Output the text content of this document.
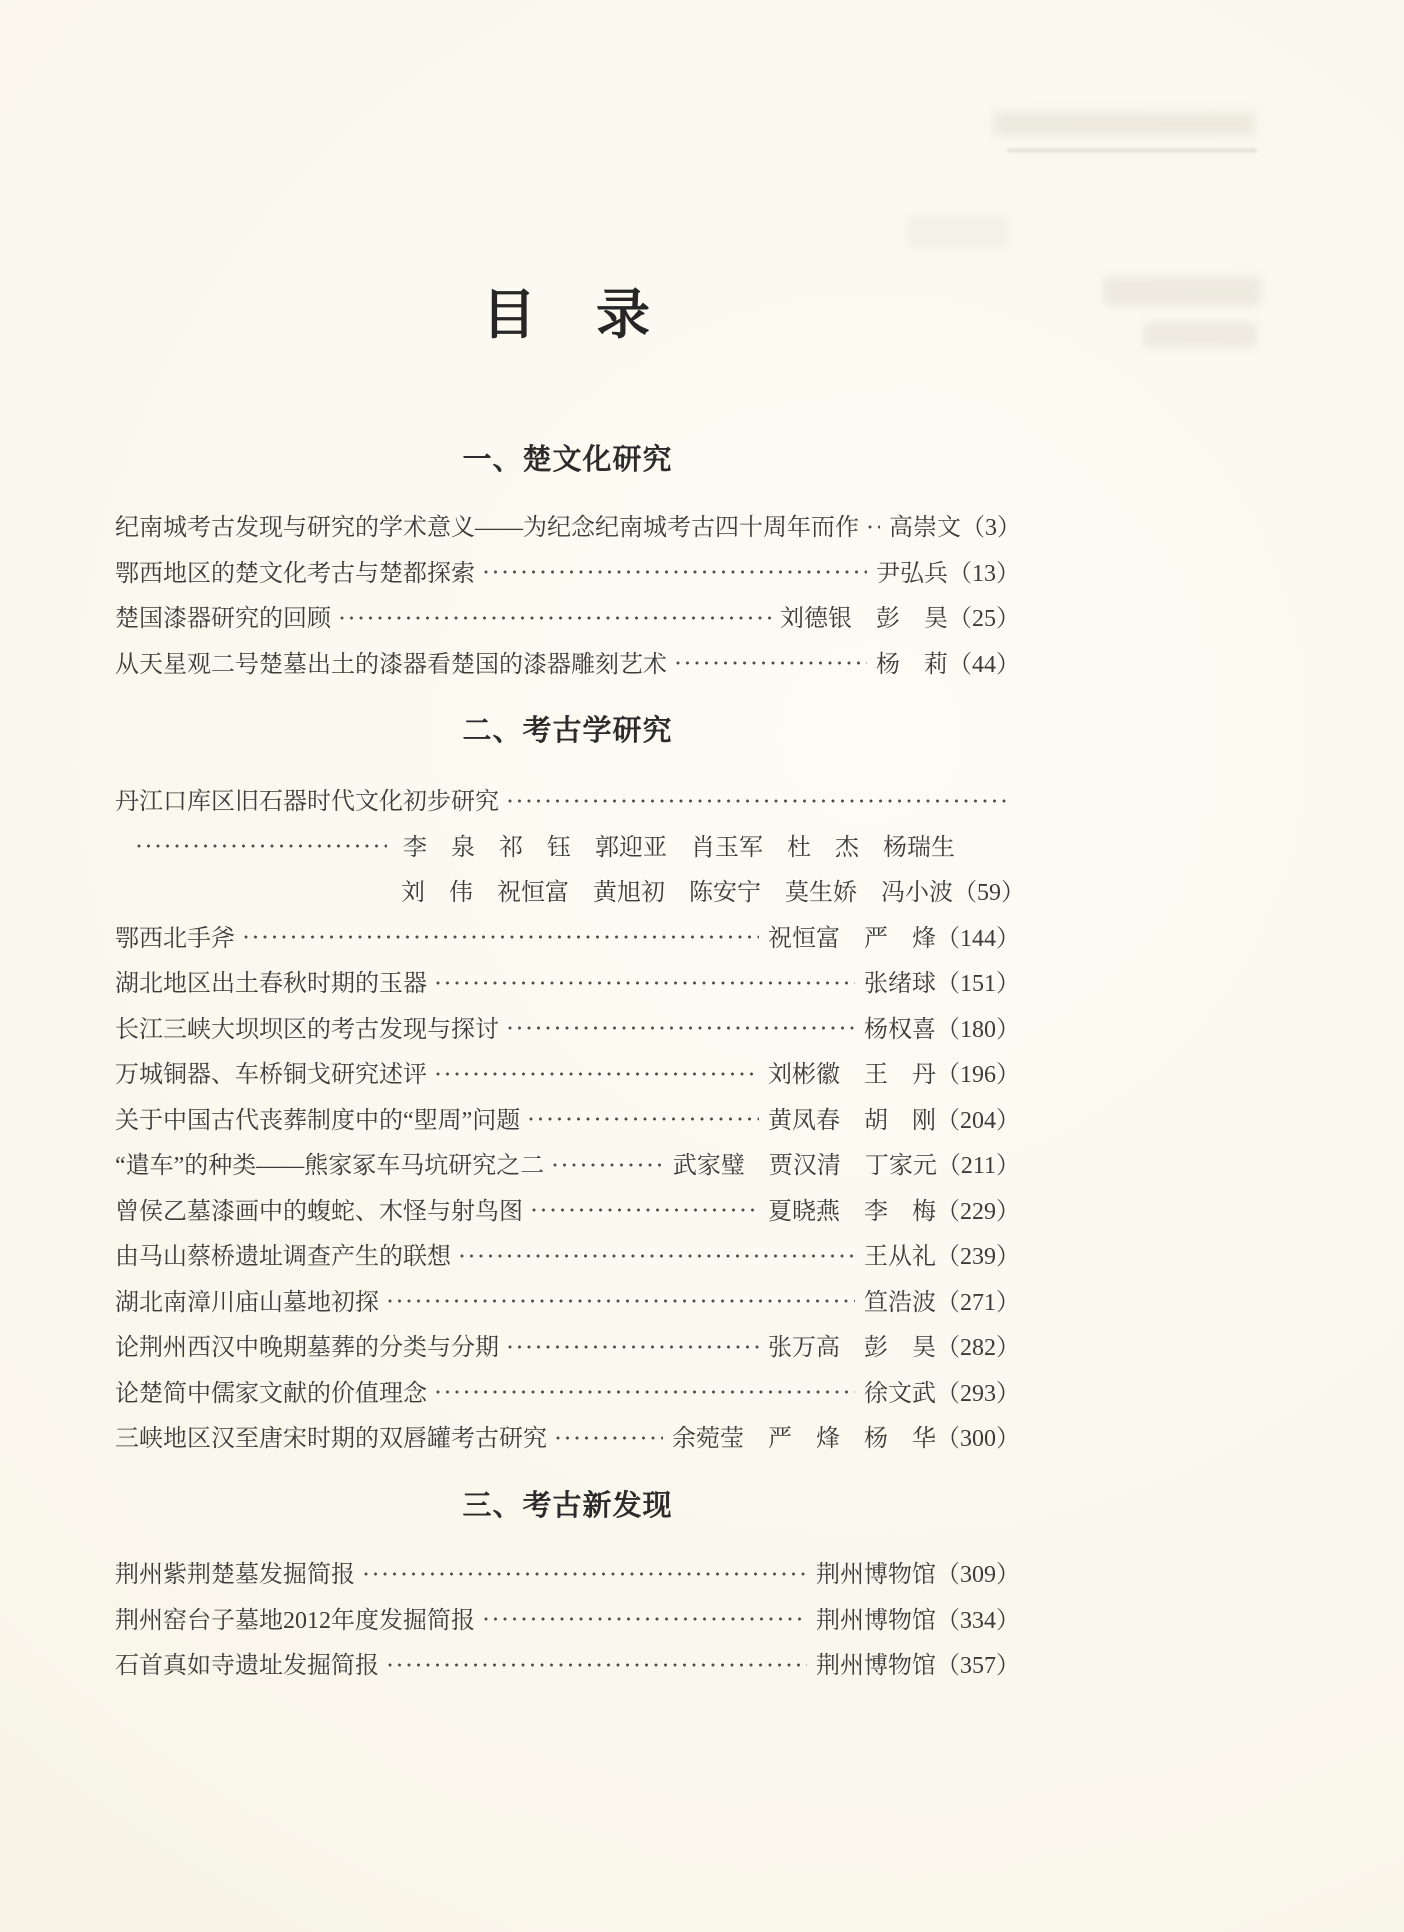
目　录
一、楚文化研究
纪南城考古发现与研究的学术意义——为纪念纪南城考古四十周年而作 高崇文 （3）
鄂西地区的楚文化考古与楚都探索	尹弘兵 （13）
楚国漆器研究的回顾	刘德银　彭　昊 （25）
从天星观二号楚墓出土的漆器看楚国的漆器雕刻艺术	杨　莉 （44）
二、考古学研究
丹江口库区旧石器时代文化初步研究
李　泉　祁　钰　郭迎亚　肖玉军　杜　杰　杨瑞生
刘　伟　祝恒富　黄旭初　陈安宁　莫生娇　冯小波 （59）
鄂西北手斧	祝恒富　严　烽 （144）
湖北地区出土春秋时期的玉器	张绪球 （151）
长江三峡大坝坝区的考古发现与探讨	杨权喜 （180）
万城铜器、车桥铜戈研究述评	刘彬徽　王　丹 （196）
关于中国古代丧葬制度中的“堲周”问题	黄凤春　胡　刚 （204）
“遣车”的种类——熊家冢车马坑研究之二	武家璧　贾汉清　丁家元 （211）
曾侯乙墓漆画中的蝮蛇、木怪与射鸟图	夏晓燕　李　梅 （229）
由马山蔡桥遗址调查产生的联想	王从礼 （239）
湖北南漳川庙山墓地初探	笪浩波 （271）
论荆州西汉中晚期墓葬的分类与分期	张万高　彭　昊 （282）
论楚简中儒家文献的价值理念	徐文武 （293）
三峡地区汉至唐宋时期的双唇罐考古研究	余菀莹　严　烽　杨　华 （300）
三、考古新发现
荆州紫荆楚墓发掘简报	荆州博物馆 （309）
荆州窑台子墓地2012年度发掘简报	荆州博物馆 （334）
石首真如寺遗址发掘简报	荆州博物馆 （357）
